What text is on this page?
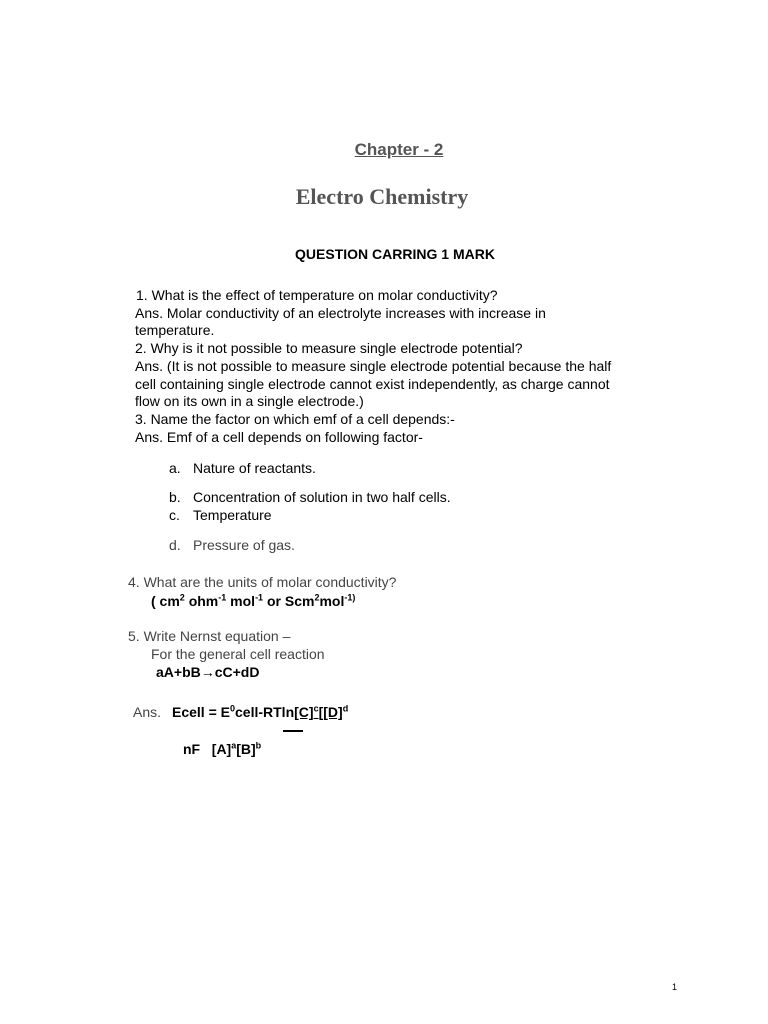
Chapter - 2
Electro Chemistry
QUESTION CARRING 1 MARK
1. What is the effect of temperature on molar conductivity?
Ans. Molar conductivity of an electrolyte increases with increase in
temperature.
2. Why is it not possible to measure single electrode potential?
Ans. (It is not possible to measure single electrode potential because the half
cell containing single electrode cannot exist independently, as charge cannot
flow on its own in a single electrode.)
3. Name the factor on which emf of a cell depends:-
Ans. Emf of a cell depends on following factor-
a. Nature of reactants.
b. Concentration of solution in two half cells.
c. Temperature
d. Pressure of gas.
4. What are the units of molar conductivity?
( $cm^2$ ohm$^{-1}$ mol$^{-1}$ or Scm$^2$mol$^{-1)}$
5. Write Nernst equation –
For the general cell reaction
aA+bB→cC+dD
Ans. Ecell = $E^0cell-RTln[C]^c[[D]^d$
nF $[A]^a[B]^b$
1
